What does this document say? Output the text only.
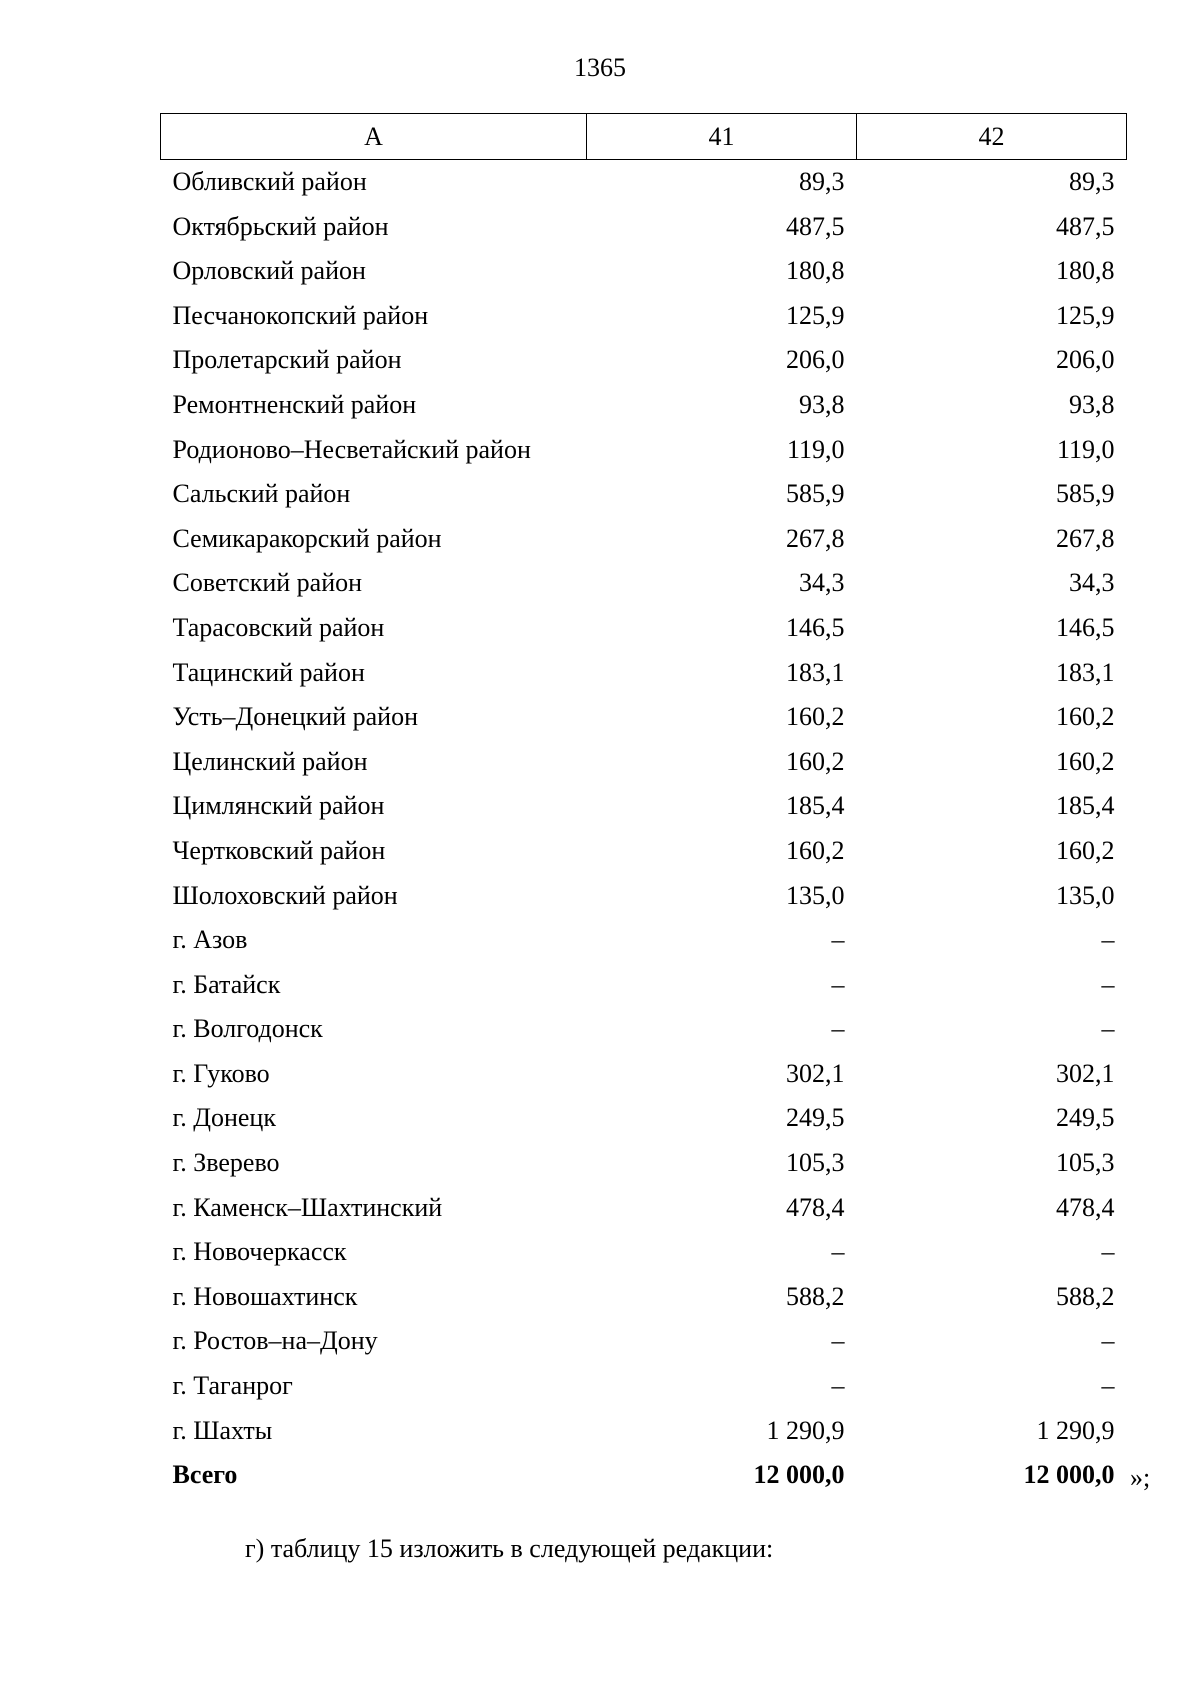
1365
А	41	42
Обливский район	89,3	89,3
Октябрьский район	487,5	487,5
Орловский район	180,8	180,8
Песчанокопский район	125,9	125,9
Пролетарский район	206,0	206,0
Ремонтненский район	93,8	93,8
Родионово–Несветайский район	119,0	119,0
Сальский район	585,9	585,9
Семикаракорский район	267,8	267,8
Советский район	34,3	34,3
Тарасовский район	146,5	146,5
Тацинский район	183,1	183,1
Усть–Донецкий район	160,2	160,2
Целинский район	160,2	160,2
Цимлянский район	185,4	185,4
Чертковский район	160,2	160,2
Шолоховский район	135,0	135,0
г. Азов	–	–
г. Батайск	–	–
г. Волгодонск	–	–
г. Гуково	302,1	302,1
г. Донецк	249,5	249,5
г. Зверево	105,3	105,3
г. Каменск–Шахтинский	478,4	478,4
г. Новочеркасск	–	–
г. Новошахтинск	588,2	588,2
г. Ростов–на–Дону	–	–
г. Таганрог	–	–
г. Шахты	1 290,9	1 290,9
Всего	12 000,0	12 000,0 »;
г) таблицу 15 изложить в следующей редакции:
